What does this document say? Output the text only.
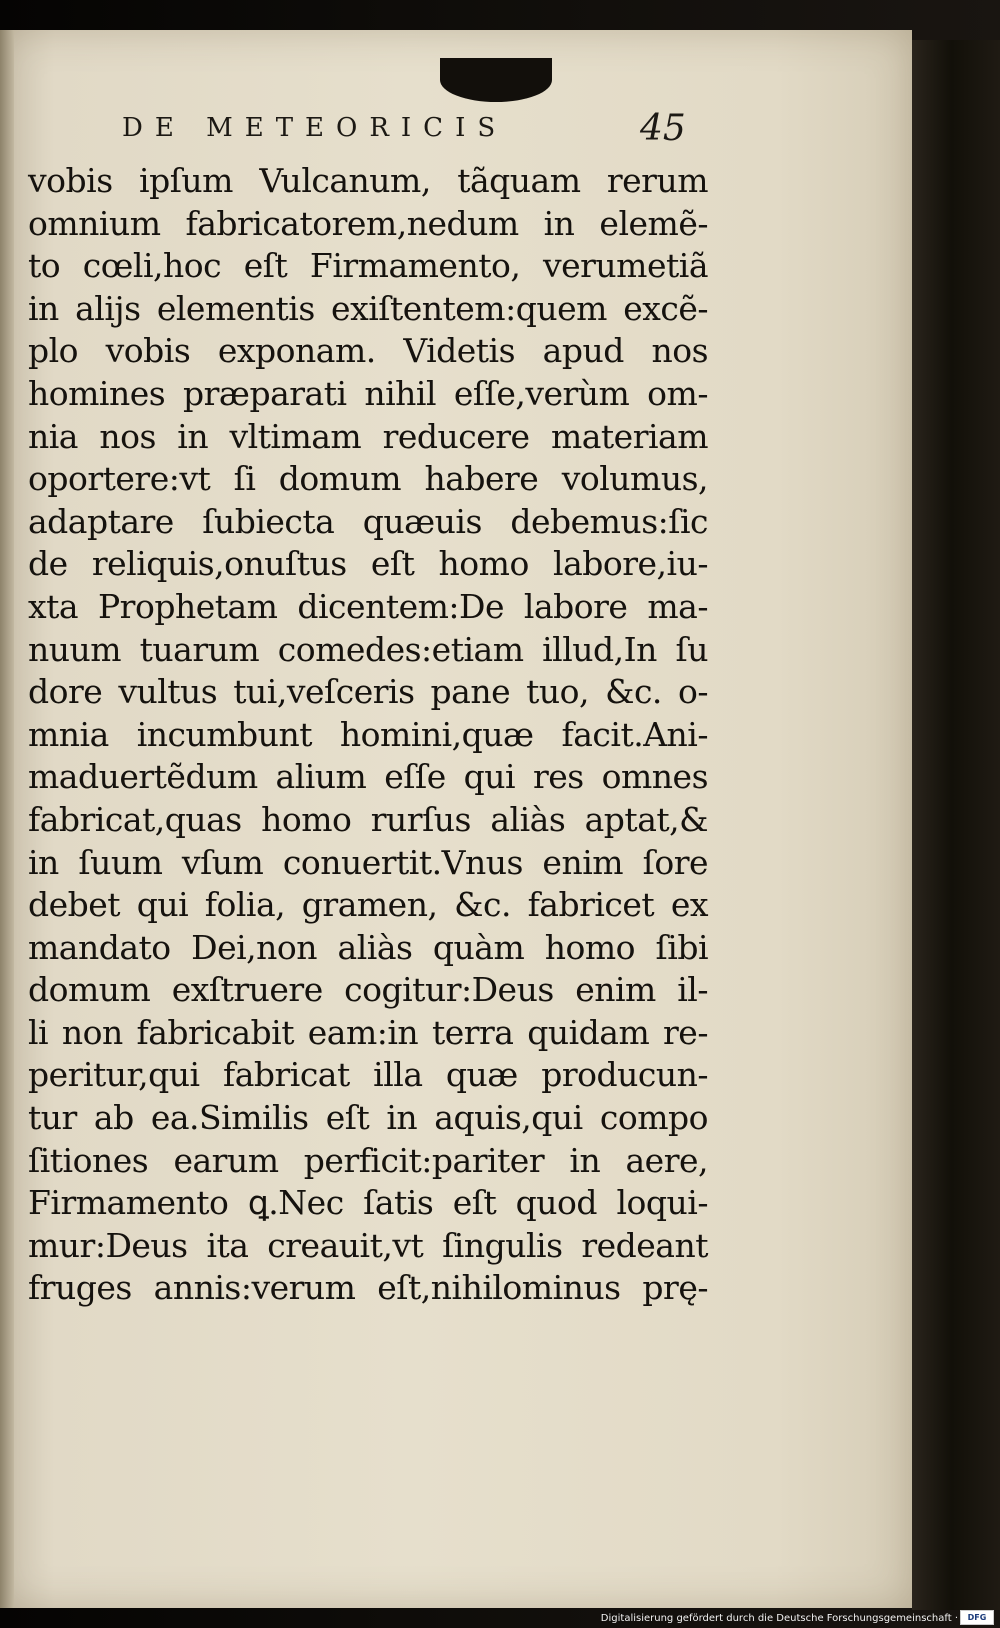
DE METEORICIS	45
vobis ipſum Vulcanum, tãquam rerum
omnium fabricatorem,nedum in elemẽ-
to cœli,hoc eſt Firmamento, verumetiã
in alijs elementis exiſtentem:quem excẽ-
plo vobis exponam. Videtis apud nos
homines præparati nihil eſſe,verùm om-
nia nos in vltimam reducere materiam
oportere:vt ſi domum habere volumus,
adaptare ſubiecta quæuis debemus:ſic
de reliquis,onuſtus eſt homo labore,iu-
xta Prophetam dicentem:De labore ma-
nuum tuarum comedes:etiam illud,In ſu
dore vultus tui,veſceris pane tuo, &c. o-
mnia incumbunt homini,quæ facit.Ani-
maduertẽdum alium eſſe qui res omnes
fabricat,quas homo rurſus aliàs aptat,&
in ſuum vſum conuertit.Vnus enim ſore
debet qui folia, gramen, &c. fabricet ex
mandato Dei,non aliàs quàm homo ſibi
domum exſtruere cogitur:Deus enim il-
li non fabricabit eam:in terra quidam re-
peritur,qui fabricat illa quæ producun-
tur ab ea.Similis eſt in aquis,qui compo
ſitiones earum perficit:pariter in aere,
Firmamento ꝗ.Nec ſatis eſt quod loqui-
mur:Deus ita creauit,vt ſingulis redeant
fruges annis:verum eſt,nihilominus prę-
Digitalisierung gefördert durch die Deutsche Forschungsgemeinschaft · DFG
